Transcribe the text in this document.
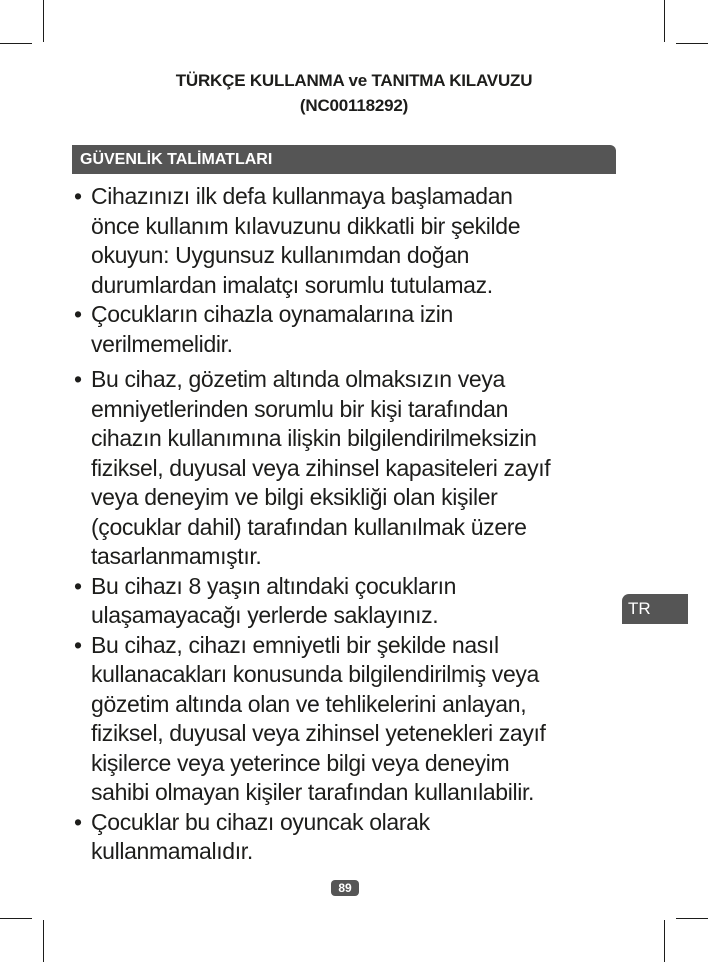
TÜRKÇE KULLANMA ve TANITMA KILAVUZU
(NC00118292)
GÜVENLİK TALİMATLARI
• Cihazınızı ilk defa kullanmaya başlamadan
önce kullanım kılavuzunu dikkatli bir şekilde
okuyun: Uygunsuz kullanımdan doğan
durumlardan imalatçı sorumlu tutulamaz.
• Çocukların cihazla oynamalarına izin
verilmemelidir.
• Bu cihaz, gözetim altında olmaksızın veya
emniyetlerinden sorumlu bir kişi tarafından
cihazın kullanımına ilişkin bilgilendirilmeksizin
fiziksel, duyusal veya zihinsel kapasiteleri zayıf
veya deneyim ve bilgi eksikliği olan kişiler
(çocuklar dahil) tarafından kullanılmak üzere
tasarlanmamıştır.
• Bu cihazı 8 yaşın altındaki çocukların
ulaşamayacağı yerlerde saklayınız.
• Bu cihaz, cihazı emniyetli bir şekilde nasıl
kullanacakları konusunda bilgilendirilmiş veya
gözetim altında olan ve tehlikelerini anlayan,
fiziksel, duyusal veya zihinsel yetenekleri zayıf
kişilerce veya yeterince bilgi veya deneyim
sahibi olmayan kişiler tarafından kullanılabilir.
• Çocuklar bu cihazı oyuncak olarak
kullanmamalıdır.
TR
89
